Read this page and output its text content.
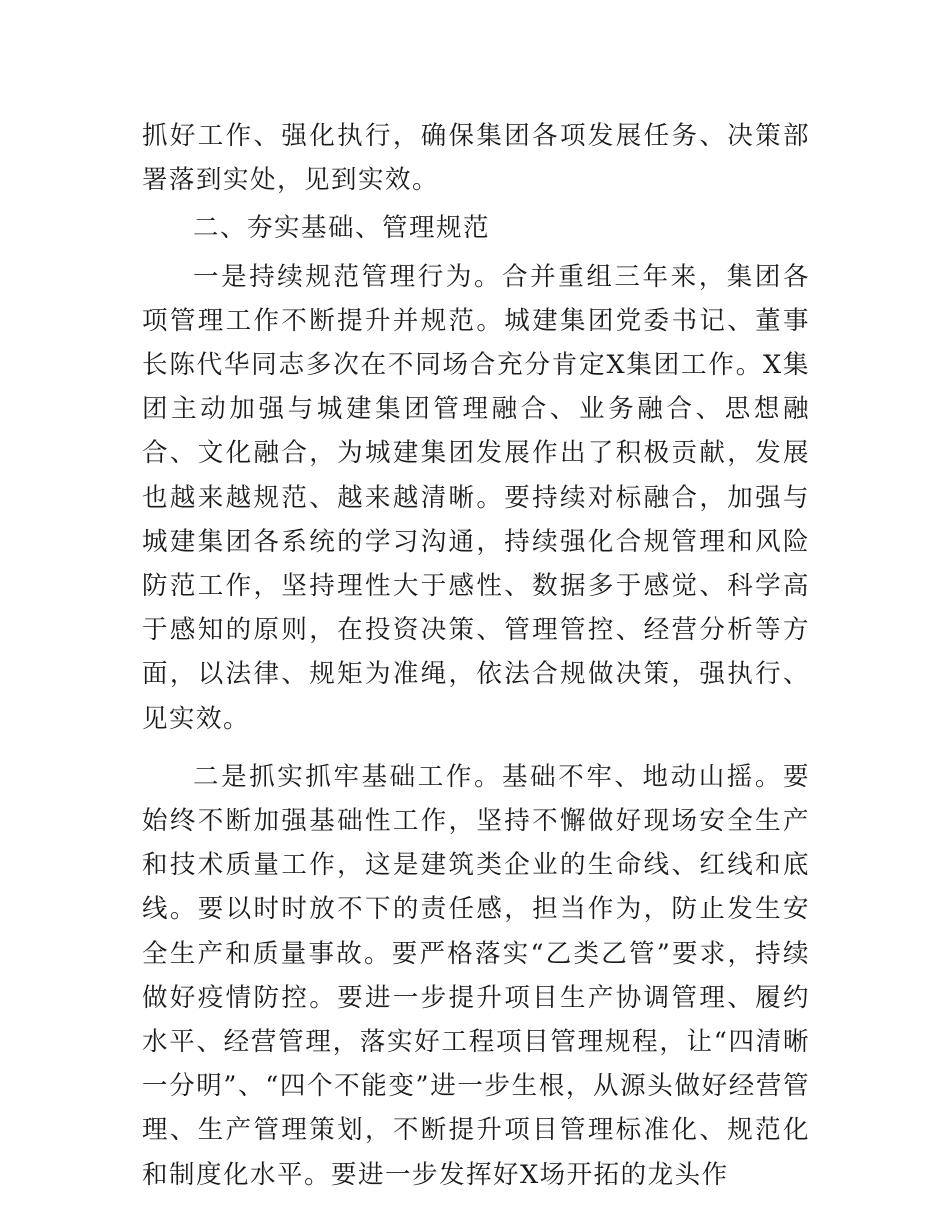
抓好工作、强化执行，确保集团各项发展任务、决策部署落到实处，见到实效。

二、夯实基础、管理规范

一是持续规范管理行为。合并重组三年来，集团各项管理工作不断提升并规范。城建集团党委书记、董事长陈代华同志多次在不同场合充分肯定X集团工作。X集团主动加强与城建集团管理融合、业务融合、思想融合、文化融合，为城建集团发展作出了积极贡献，发展也越来越规范、越来越清晰。要持续对标融合，加强与城建集团各系统的学习沟通，持续强化合规管理和风险防范工作，坚持理性大于感性、数据多于感觉、科学高于感知的原则，在投资决策、管理管控、经营分析等方面，以法律、规矩为准绳，依法合规做决策，强执行、见实效。

二是抓实抓牢基础工作。基础不牢、地动山摇。要始终不断加强基础性工作，坚持不懈做好现场安全生产和技术质量工作，这是建筑类企业的生命线、红线和底线。要以时时放不下的责任感，担当作为，防止发生安全生产和质量事故。要严格落实“乙类乙管”要求，持续做好疫情防控。要进一步提升项目生产协调管理、履约水平、经营管理，落实好工程项目管理规程，让“四清晰一分明”、“四个不能变”进一步生根，从源头做好经营管理、生产管理策划，不断提升项目管理标准化、规范化和制度化水平。要进一步发挥好X场开拓的龙头作
